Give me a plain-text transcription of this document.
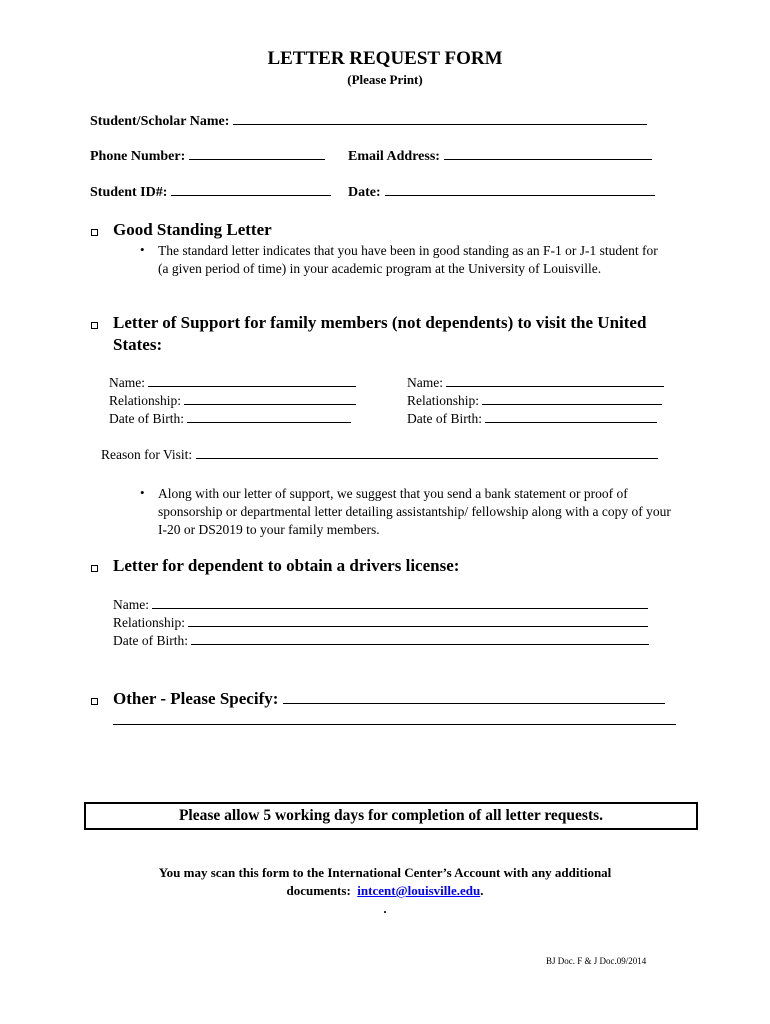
LETTER REQUEST FORM
(Please Print)
Student/Scholar Name:
Phone Number:	Email Address:
Student ID#:	Date:
Good Standing Letter
• The standard letter indicates that you have been in good standing as an F-1 or J-1 student for (a given period of time) in your academic program at the University of Louisville.
Letter of Support for family members (not dependents) to visit the United
States:
Name:
Relationship:
Date of Birth:
Name:
Relationship:
Date of Birth:
Reason for Visit:
• Along with our letter of support, we suggest that you send a bank statement or proof of sponsorship or departmental letter detailing assistantship/ fellowship along with a copy of your I-20 or DS2019 to your family members.
Letter for dependent to obtain a drivers license:
Name:
Relationship:
Date of Birth:
Other - Please Specify:
Please allow 5 working days for completion of all letter requests.
You may scan this form to the International Center’s Account with any additional
documents: intcent@louisville.edu.
.
BJ Doc. F & J Doc.09/2014
